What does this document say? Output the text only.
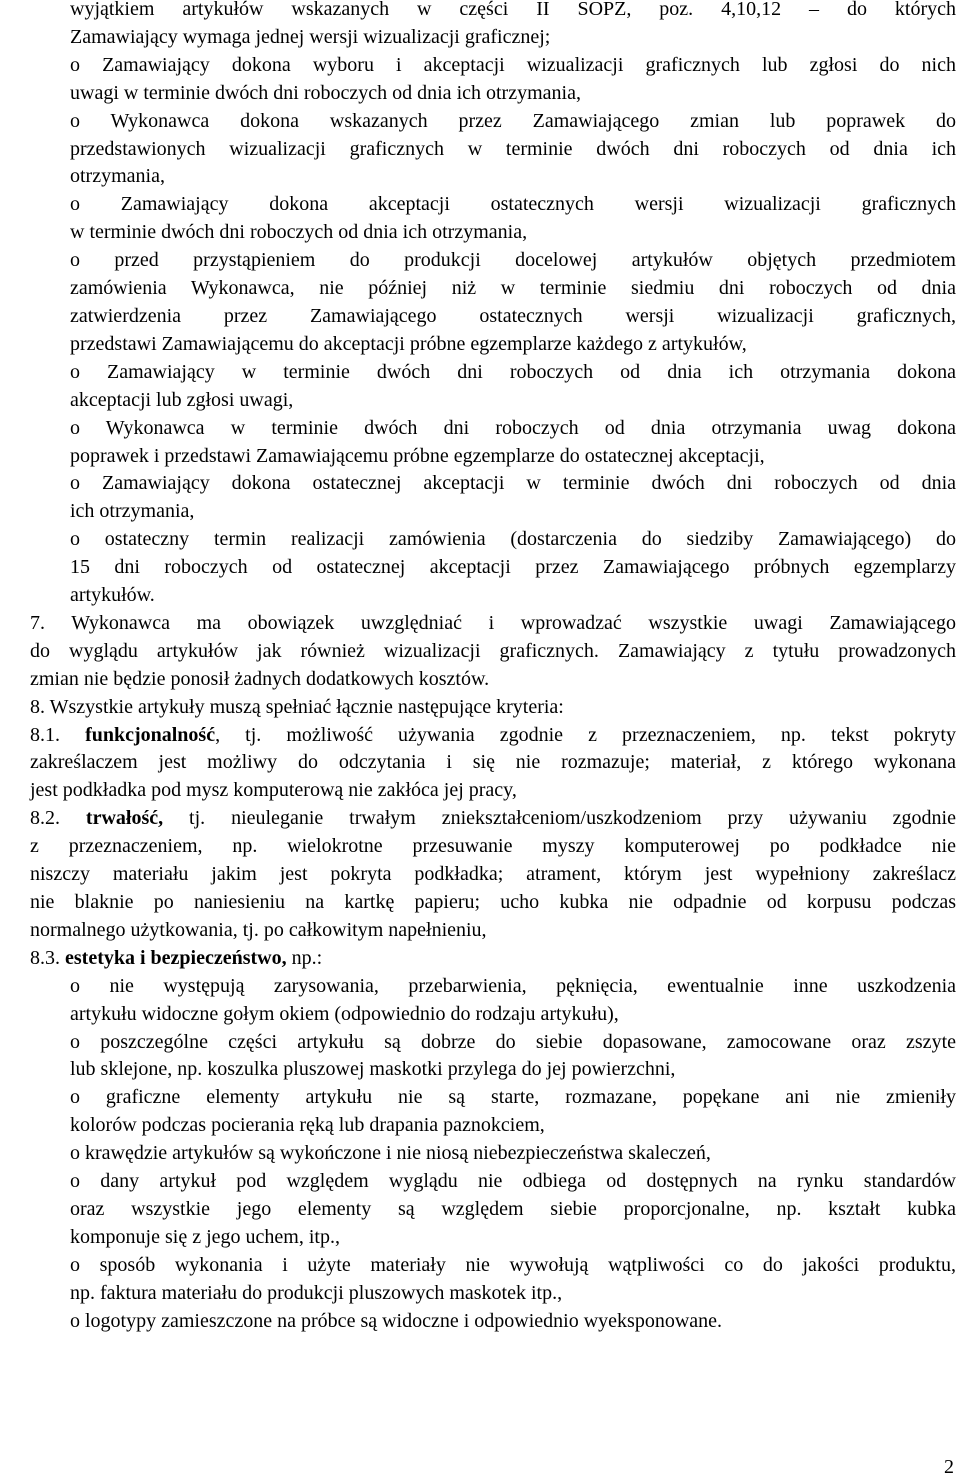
wyjątkiem artykułów wskazanych w części II SOPZ, poz. 4,10,12 – do których

Zamawiający wymaga jednej wersji wizualizacji graficznej;

o Zamawiający dokona wyboru i akceptacji wizualizacji graficznych lub zgłosi do nich

uwagi w terminie dwóch dni roboczych od dnia ich otrzymania,

o Wykonawca dokona wskazanych przez Zamawiającego zmian lub poprawek do

przedstawionych wizualizacji graficznych w terminie dwóch dni roboczych od dnia ich

otrzymania,

o Zamawiający dokona akceptacji ostatecznych wersji wizualizacji graficznych

w terminie dwóch dni roboczych od dnia ich otrzymania,

o przed przystąpieniem do produkcji docelowej artykułów objętych przedmiotem

zamówienia Wykonawca, nie później niż w terminie siedmiu dni roboczych od dnia

zatwierdzenia przez Zamawiającego ostatecznych wersji wizualizacji graficznych,

przedstawi Zamawiającemu do akceptacji próbne egzemplarze każdego z artykułów,

o Zamawiający w terminie dwóch dni roboczych od dnia ich otrzymania dokona

akceptacji lub zgłosi uwagi,

o Wykonawca w terminie dwóch dni roboczych od dnia otrzymania uwag dokona

poprawek i przedstawi Zamawiającemu próbne egzemplarze do ostatecznej akceptacji,

o Zamawiający dokona ostatecznej akceptacji w terminie dwóch dni roboczych od dnia

ich otrzymania,

o ostateczny termin realizacji zamówienia (dostarczenia do siedziby Zamawiającego) do

15 dni roboczych od ostatecznej akceptacji przez Zamawiającego próbnych egzemplarzy

artykułów.

7. Wykonawca ma obowiązek uwzględniać i wprowadzać wszystkie uwagi Zamawiającego

do wyglądu artykułów jak również wizualizacji graficznych. Zamawiający z tytułu prowadzonych

zmian nie będzie ponosił żadnych dodatkowych kosztów.

8. Wszystkie artykuły muszą spełniać łącznie następujące kryteria:

8.1. funkcjonalność, tj. możliwość używania zgodnie z przeznaczeniem, np. tekst pokryty

zakreślaczem jest możliwy do odczytania i się nie rozmazuje; materiał, z którego wykonana

jest podkładka pod mysz komputerową nie zakłóca jej pracy,

8.2. trwałość, tj. nieuleganie trwałym zniekształceniom/uszkodzeniom przy używaniu zgodnie

z przeznaczeniem, np. wielokrotne przesuwanie myszy komputerowej po podkładce nie

niszczy materiału jakim jest pokryta podkładka; atrament, którym jest wypełniony zakreślacz

nie blaknie po naniesieniu na kartkę papieru; ucho kubka nie odpadnie od korpusu podczas

normalnego użytkowania, tj. po całkowitym napełnieniu,

8.3. estetyka i bezpieczeństwo, np.:

o nie występują zarysowania, przebarwienia, pęknięcia, ewentualnie inne uszkodzenia

artykułu widoczne gołym okiem (odpowiednio do rodzaju artykułu),

o poszczególne części artykułu są dobrze do siebie dopasowane, zamocowane oraz zszyte

lub sklejone, np. koszulka pluszowej maskotki przylega do jej powierzchni,

o graficzne elementy artykułu nie są starte, rozmazane, popękane ani nie zmieniły

kolorów podczas pocierania ręką lub drapania paznokciem,

o krawędzie artykułów są wykończone i nie niosą niebezpieczeństwa skaleczeń,

o dany artykuł pod względem wyglądu nie odbiega od dostępnych na rynku standardów

oraz wszystkie jego elementy są względem siebie proporcjonalne, np. kształt kubka

komponuje się z jego uchem, itp.,

o sposób wykonania i użyte materiały nie wywołują wątpliwości co do jakości produktu,

np. faktura materiału do produkcji pluszowych maskotek itp.,

o logotypy zamieszczone na próbce są widoczne i odpowiednio wyeksponowane.

2
